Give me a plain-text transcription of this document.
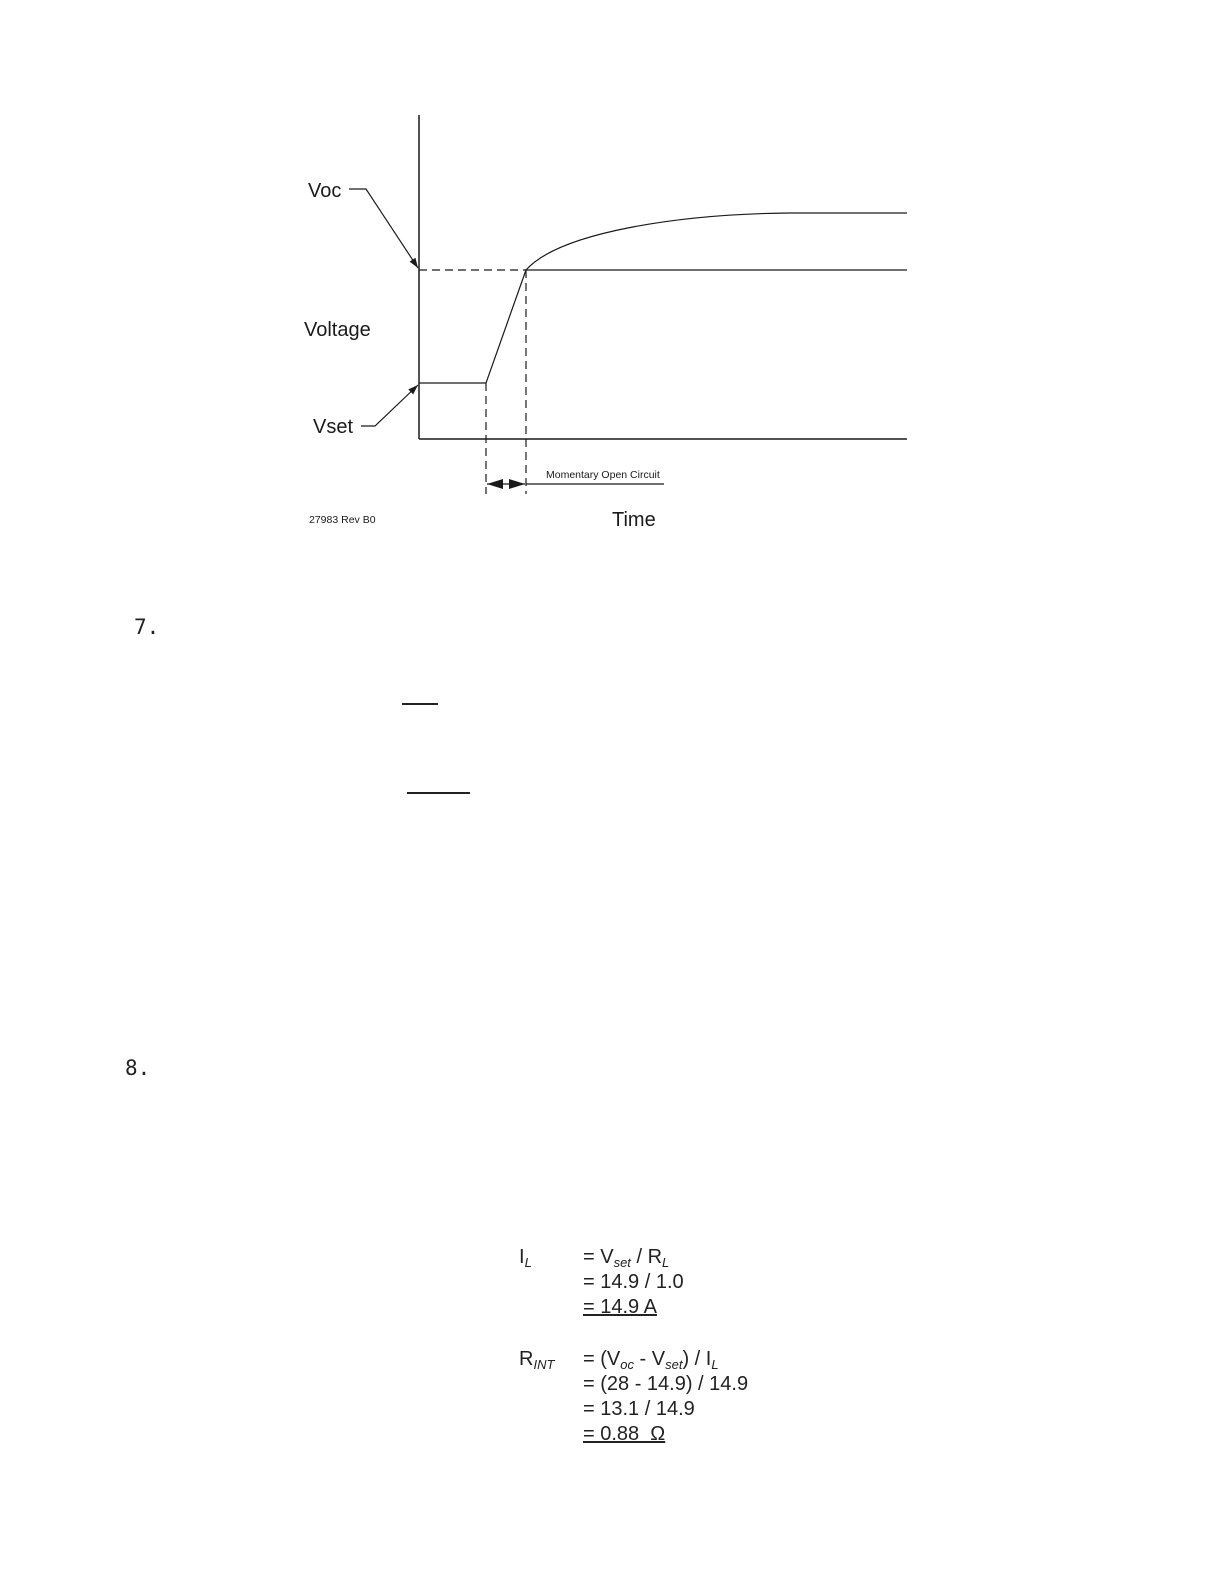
Voc
Voltage
Vset
Momentary Open Circuit
27983 Rev B0	Time
7.
8.
$I_L$	= $V_{set} / R_L$
= 14.9 / 1.0
= 14.9 A
$R_{INT} = (V_{oc} - V_{set}) / I_L$
= (28 - 14.9) / 14.9
= 13.1 / 14.9
= 0.88  Ω
